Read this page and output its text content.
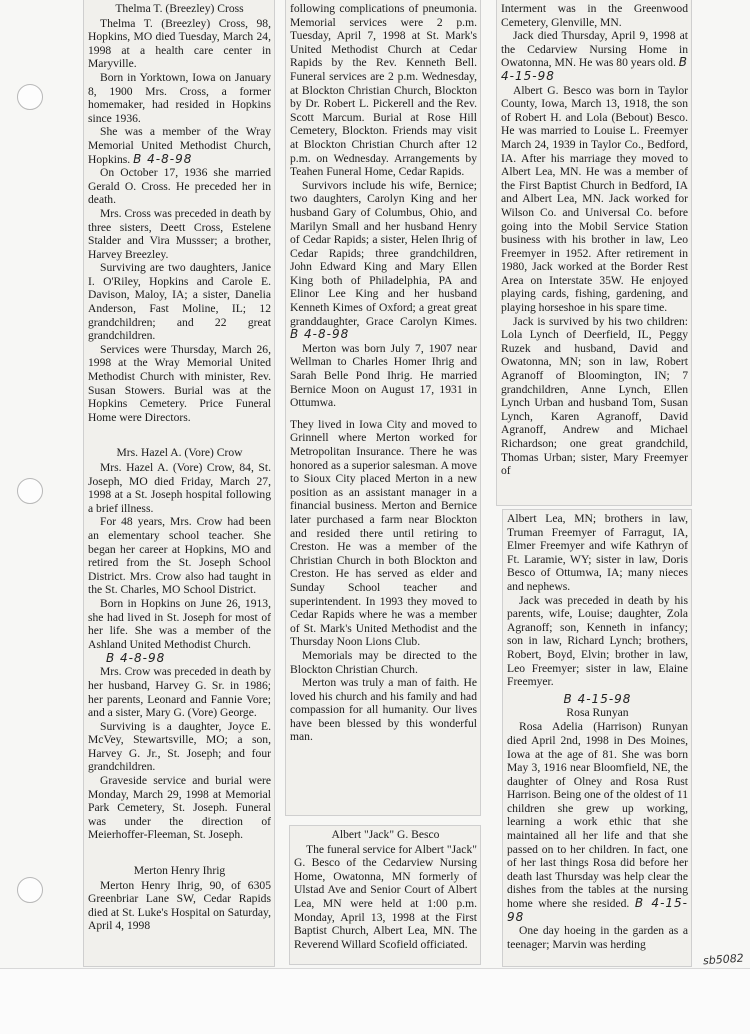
Thelma T. (Breezley) Cross

Thelma T. (Breezley) Cross, 98, Hopkins, MO died Tuesday, March 24, 1998 at a health care center in Maryville.

Born in Yorktown, Iowa on January 8, 1900 Mrs. Cross, a former homemaker, had resided in Hopkins since 1936.

She was a member of the Wray Memorial United Methodist Church, Hopkins. B 4-8-98

On October 17, 1936 she married Gerald O. Cross. He preceded her in death.

Mrs. Cross was preceded in death by three sisters, Deett Cross, Estelene Stalder and Vira Mussser; a brother, Harvey Breezley.

Surviving are two daughters, Janice I. O'Riley, Hopkins and Carole E. Davison, Maloy, IA; a sister, Danelia Anderson, Fast Moline, IL; 12 grandchildren; and 22 great grandchildren.

Services were Thursday, March 26, 1998 at the Wray Memorial United Methodist Church with minister, Rev. Susan Stowers. Burial was at the Hopkins Cemetery. Price Funeral Home were Directors.

Mrs. Hazel A. (Vore) Crow

Mrs. Hazel A. (Vore) Crow, 84, St. Joseph, MO died Friday, March 27, 1998 at a St. Joseph hospital following a brief illness.

For 48 years, Mrs. Crow had been an elementary school teacher. She began her career at Hopkins, MO and retired from the St. Joseph School District. Mrs. Crow also had taught in the St. Charles, MO School District.

Born in Hopkins on June 26, 1913, she had lived in St. Joseph for most of her life. She was a member of the Ashland United Methodist Church.

B 4-8-98

Mrs. Crow was preceded in death by her husband, Harvey G. Sr. in 1986; her parents, Leonard and Fannie Vore; and a sister, Mary G. (Vore) George.

Surviving is a daughter, Joyce E. McVey, Stewartsville, MO; a son, Harvey G. Jr., St. Joseph; and four grandchildren.

Graveside service and burial were Monday, March 29, 1998 at Memorial Park Cemetery, St. Joseph. Funeral was under the direction of Meierhoffer-Fleeman, St. Joseph.

Merton Henry Ihrig

Merton Henry Ihrig, 90, of 6305 Greenbriar Lane SW, Cedar Rapids died at St. Luke's Hospital on Saturday, April 4, 1998

following complications of pneumonia. Memorial services were 2 p.m. Tuesday, April 7, 1998 at St. Mark's United Methodist Church at Cedar Rapids by the Rev. Kenneth Bell. Funeral services are 2 p.m. Wednesday, at Blockton Christian Church, Blockton by Dr. Robert L. Pickerell and the Rev. Scott Marcum. Burial at Rose Hill Cemetery, Blockton. Friends may visit at Blockton Christian Church after 12 p.m. on Wednesday. Arrangements by Teahen Funeral Home, Cedar Rapids.

Survivors include his wife, Bernice; two daughters, Carolyn King and her husband Gary of Columbus, Ohio, and Marilyn Small and her husband Henry of Cedar Rapids; a sister, Helen Ihrig of Cedar Rapids; three grandchildren, John Edward King and Mary Ellen King both of Philadelphia, PA and Elinor Lee King and her husband Kenneth Kimes of Oxford; a great great granddaughter, Grace Carolyn Kimes. B 4-8-98

Merton was born July 7, 1907 near Wellman to Charles Homer Ihrig and Sarah Belle Pond Ihrig. He married Bernice Moon on August 17, 1931 in Ottumwa.

They lived in Iowa City and moved to Grinnell where Merton worked for Metropolitan Insurance. There he was honored as a superior salesman. A move to Sioux City placed Merton in a new position as an assistant manager in a financial business. Merton and Bernice later purchased a farm near Blockton and resided there until retiring to Creston. He was a member of the Christian Church in both Blockton and Creston. He has served as elder and Sunday School teacher and superintendent. In 1993 they moved to Cedar Rapids where he was a member of St. Mark's United Methodist and the Thursday Noon Lions Club.

Memorials may be directed to the Blockton Christian Church.

Merton was truly a man of faith. He loved his church and his family and had compassion for all humanity. Our lives have been blessed by this wonderful man.

Albert "Jack" G. Besco

The funeral service for Albert "Jack" G. Besco of the Cedarview Nursing Home, Owatonna, MN formerly of Ulstad Ave and Senior Court of Albert Lea, MN were held at 1:00 p.m. Monday, April 13, 1998 at the First Baptist Church, Albert Lea, MN. The Reverend Willard Scofield officiated.

Interment was in the Greenwood Cemetery, Glenville, MN.

Jack died Thursday, April 9, 1998 at the Cedarview Nursing Home in Owatonna, MN. He was 80 years old. B 4-15-98

Albert G. Besco was born in Taylor County, Iowa, March 13, 1918, the son of Robert H. and Lola (Bebout) Besco. He was married to Louise L. Freemyer March 24, 1939 in Taylor Co., Bedford, IA. After his marriage they moved to Albert Lea, MN. He was a member of the First Baptist Church in Bedford, IA and Albert Lea, MN. Jack worked for Wilson Co. and Universal Co. before going into the Mobil Service Station business with his brother in law, Leo Freemyer in 1952. After retirement in 1980, Jack worked at the Border Rest Area on Interstate 35W. He enjoyed playing cards, fishing, gardening, and playing horseshoe in his spare time.

Jack is survived by his two children: Lola Lynch of Deerfield, IL, Peggy Ruzek and husband, David and Owatonna, MN; son in law, Robert Agranoff of Bloomington, IN; 7 grandchildren, Anne Lynch, Ellen Lynch Urban and husband Tom, Susan Lynch, Karen Agranoff, David Agranoff, Andrew and Michael Richardson; one great grandchild, Thomas Urban; sister, Mary Freemyer of

Albert Lea, MN; brothers in law, Truman Freemyer of Farragut, IA, Elmer Freemyer and wife Kathryn of Ft. Laramie, WY; sister in law, Doris Besco of Ottumwa, IA; many nieces and nephews.

Jack was preceded in death by his parents, wife, Louise; daughter, Zola Agranoff; son, Kenneth in infancy; son in law, Richard Lynch; brothers, Robert, Boyd, Elvin; brother in law, Leo Freemyer; sister in law, Elaine Freemyer.

B 4-15-98
Rosa Runyan

Rosa Adelia (Harrison) Runyan died April 2nd, 1998 in Des Moines, Iowa at the age of 81. She was born May 3, 1916 near Bloomfield, NE, the daughter of Olney and Rosa Rust Harrison. Being one of the oldest of 11 children she grew up working, learning a work ethic that she maintained all her life and that she passed on to her children. In fact, one of her last things Rosa did before her death last Thursday was help clear the dishes from the tables at the nursing home where she resided. B 4-15-98

One day hoeing in the garden as a teenager; Marvin was herding

sb5082
